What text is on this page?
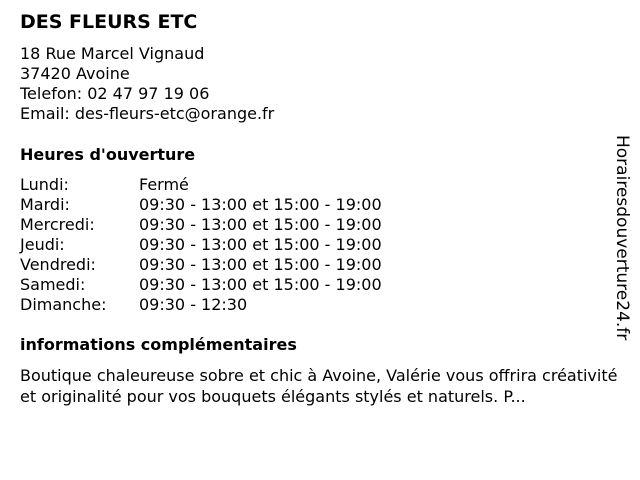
DES FLEURS ETC
18 Rue Marcel Vignaud
37420 Avoine
Telefon: 02 47 97 19 06
Email: des-fleurs-etc@orange.fr
Heures d'ouverture
Lundi:	Fermé
Mardi:	09:30 - 13:00 et 15:00 - 19:00
Mercredi:	09:30 - 13:00 et 15:00 - 19:00
Jeudi:	09:30 - 13:00 et 15:00 - 19:00
Vendredi:	09:30 - 13:00 et 15:00 - 19:00
Samedi:	09:30 - 13:00 et 15:00 - 19:00
Dimanche: 09:30 - 12:30
informations complémentaires
Boutique chaleureuse sobre et chic à Avoine, Valérie vous offrira créativité et originalité pour vos bouquets élégants stylés et naturels. P...
Horairesdouverture24.fr
